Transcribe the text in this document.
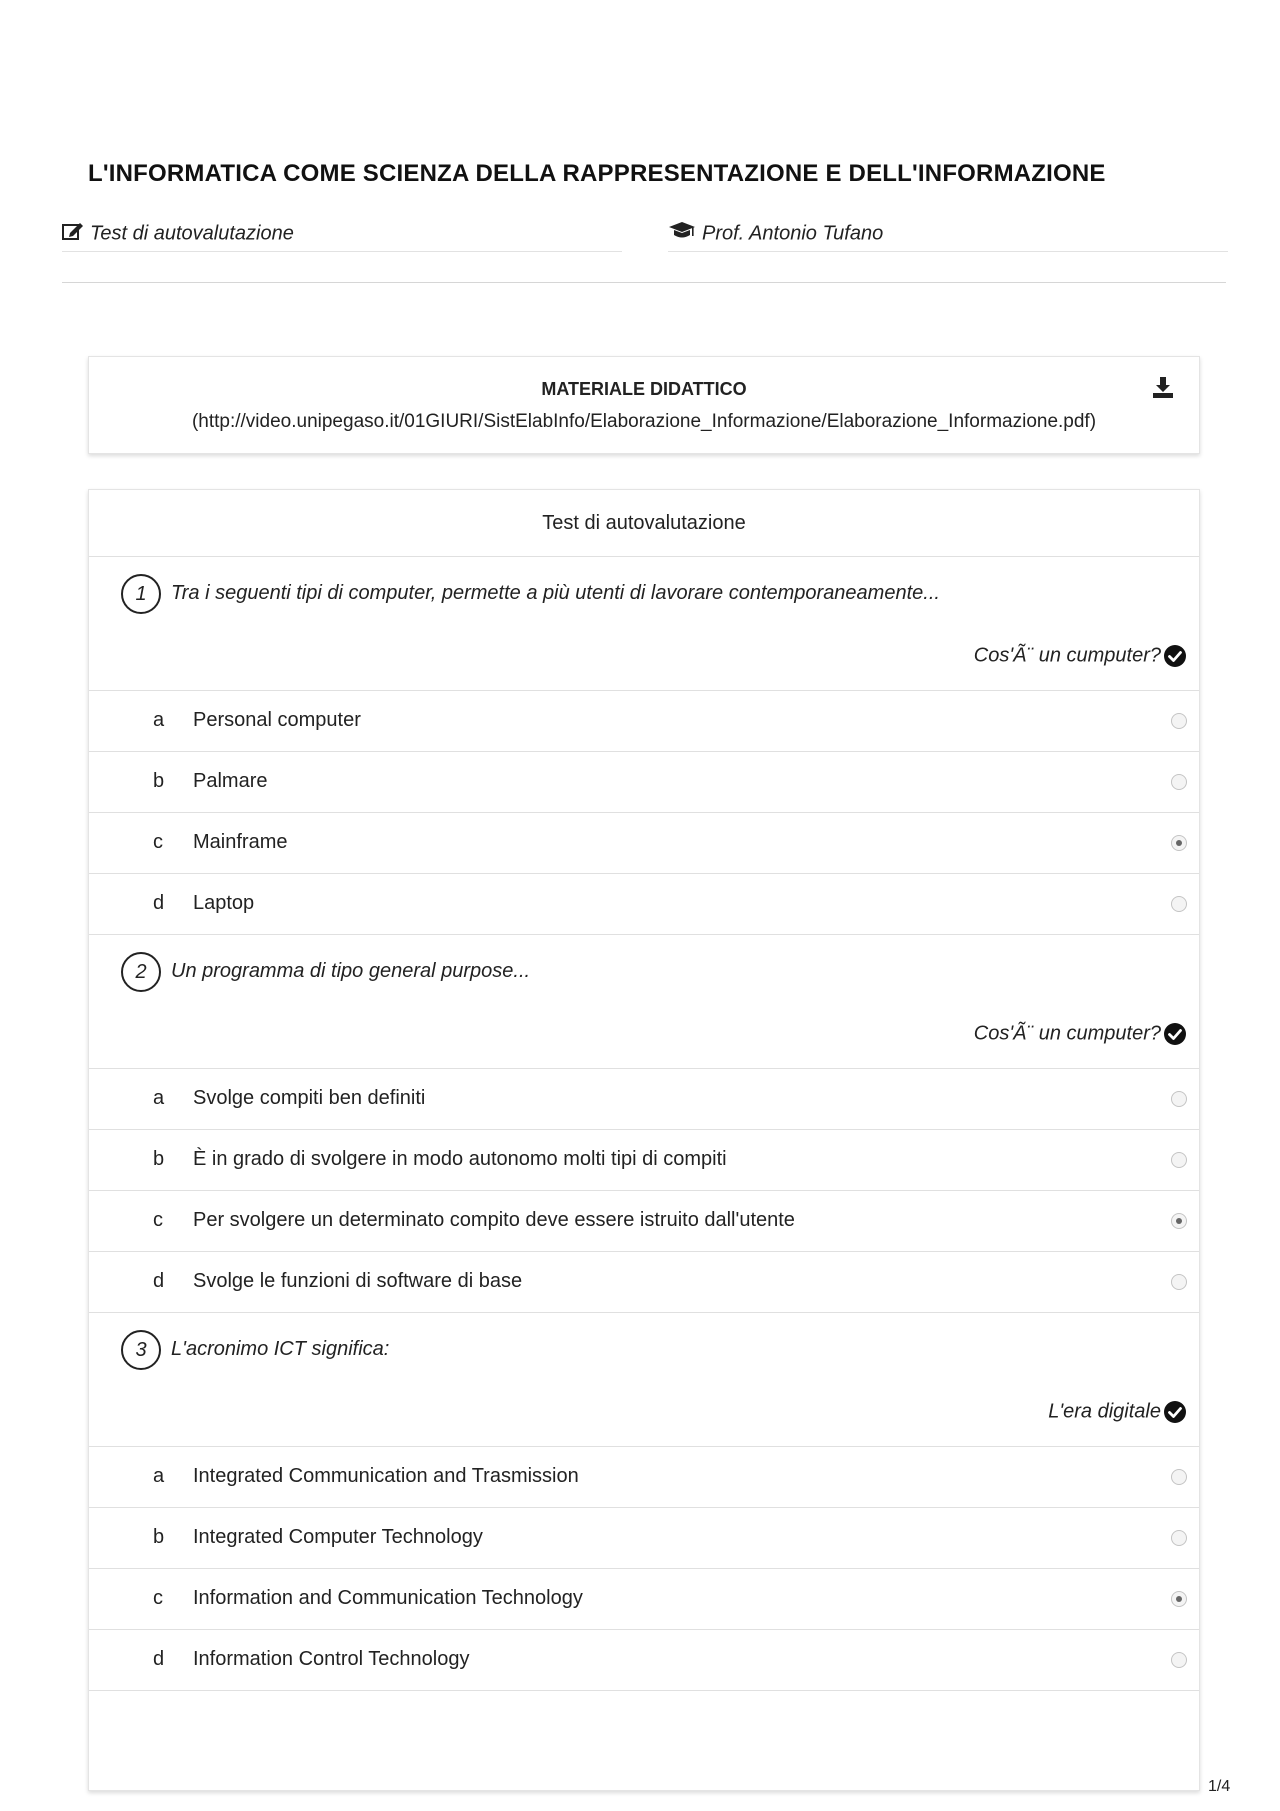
L'INFORMATICA COME SCIENZA DELLA RAPPRESENTAZIONE E DELL'INFORMAZIONE
Test di autovalutazione	Prof. Antonio Tufano
MATERIALE DIDATTICO
(http://video.unipegaso.it/01GIURI/SistElabInfo/Elaborazione_Informazione/Elaborazione_Informazione.pdf)
Test di autovalutazione
1	Tra i seguenti tipi di computer, permette a più utenti di lavorare contemporaneamente...
Cos'Ã¨ un cumputer?
a Personal computer
b Palmare
c Mainframe
d Laptop
2	Un programma di tipo general purpose...
Cos'Ã¨ un cumputer?
a Svolge compiti ben definiti
b È in grado di svolgere in modo autonomo molti tipi di compiti
c Per svolgere un determinato compito deve essere istruito dall'utente
d Svolge le funzioni di software di base
3	L'acronimo ICT significa:
L'era digitale
a Integrated Communication and Trasmission
b Integrated Computer Technology
c Information and Communication Technology
d Information Control Technology
1/4
